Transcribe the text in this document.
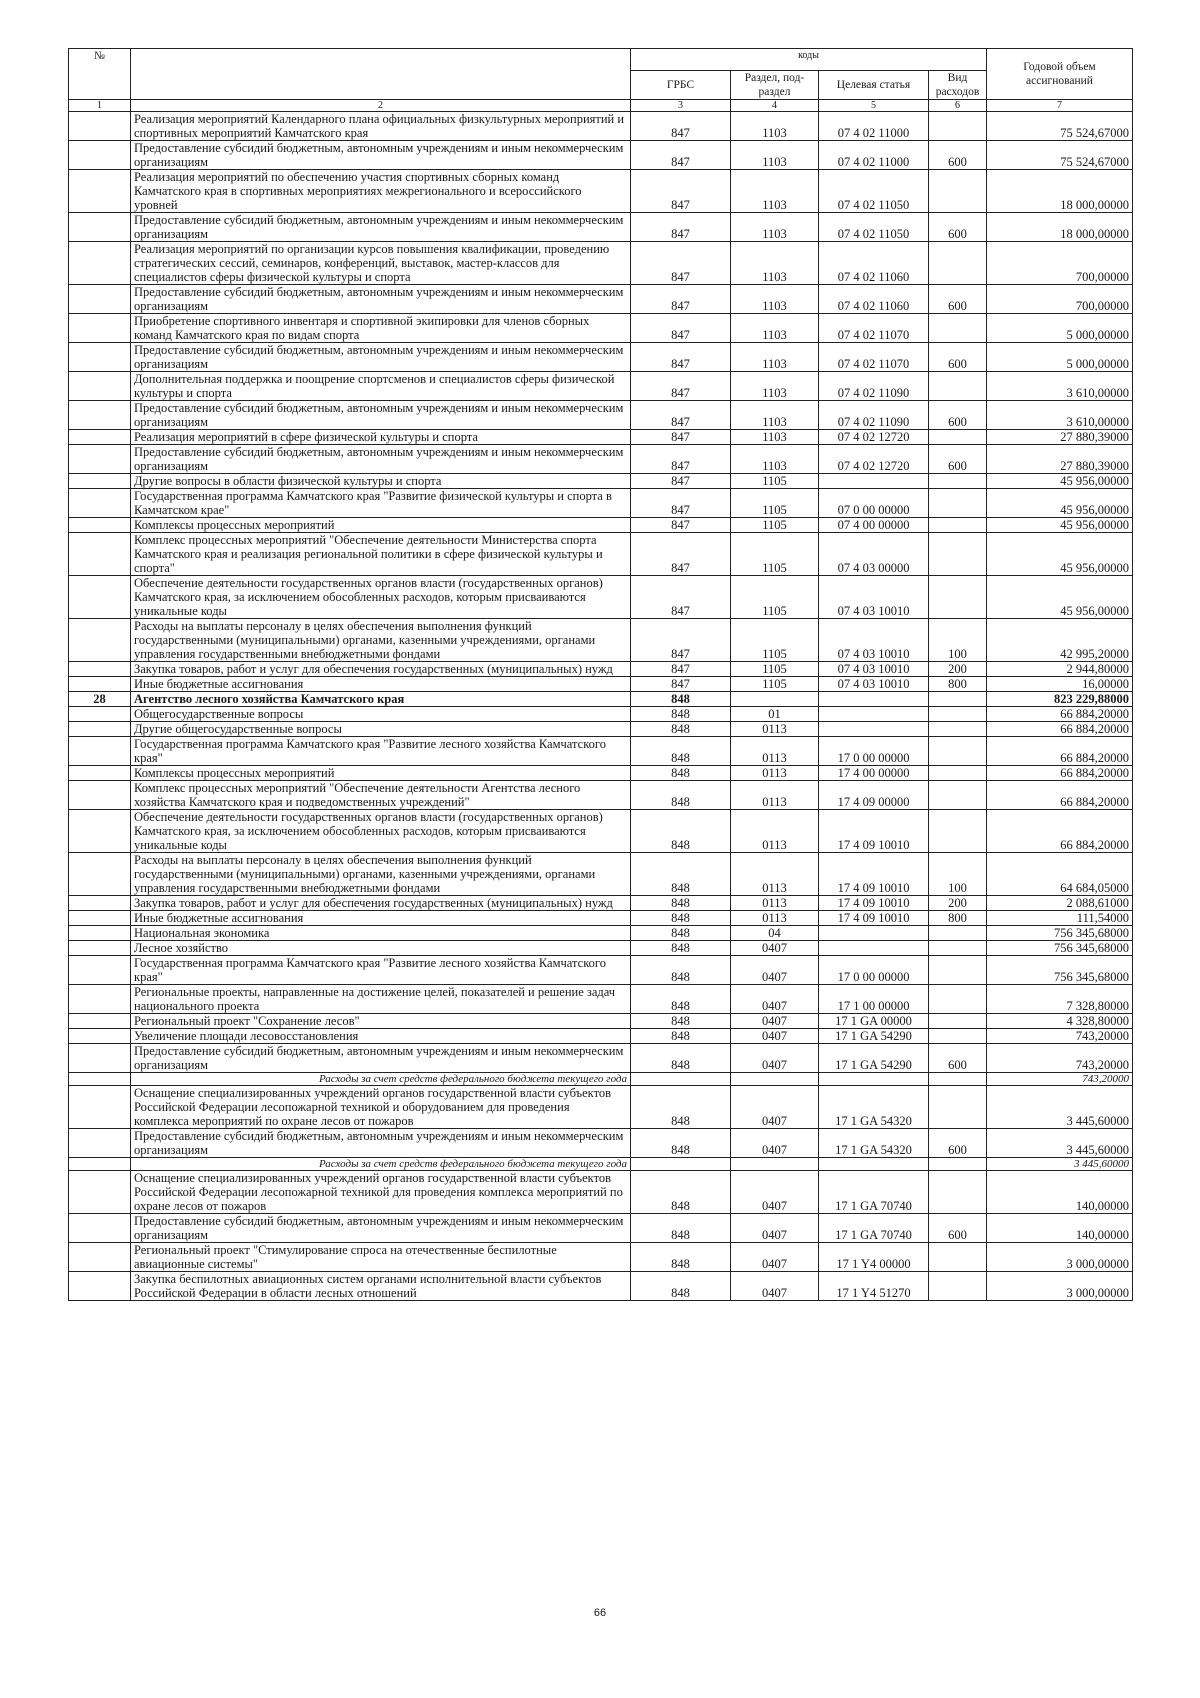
№		коды				Годовой объем ассигнований
		ГРБС	Раздел, под-раздел	Целевая статья	Вид расходов	
1	2	3	4	5	6	7
	Реализация мероприятий Календарного плана официальных физкультурных мероприятий и спортивных мероприятий Камчатского края	847	1103	07 4 02 11000		75 524,67000
	Предоставление субсидий бюджетным, автономным учреждениям и иным некоммерческим организациям	847	1103	07 4 02 11000	600	75 524,67000
	Реализация мероприятий по обеспечению участия спортивных сборных команд Камчатского края в спортивных мероприятиях межрегионального и всероссийского уровней	847	1103	07 4 02 11050		18 000,00000
	Предоставление субсидий бюджетным, автономным учреждениям и иным некоммерческим организациям	847	1103	07 4 02 11050	600	18 000,00000
	Реализация мероприятий по организации курсов повышения квалификации, проведению стратегических сессий, семинаров, конференций, выставок, мастер-классов для специалистов сферы физической культуры и спорта	847	1103	07 4 02 11060		700,00000
	Предоставление субсидий бюджетным, автономным учреждениям и иным некоммерческим организациям	847	1103	07 4 02 11060	600	700,00000
	Приобретение спортивного инвентаря и спортивной экипировки для членов сборных команд Камчатского края по видам спорта	847	1103	07 4 02 11070		5 000,00000
	Предоставление субсидий бюджетным, автономным учреждениям и иным некоммерческим организациям	847	1103	07 4 02 11070	600	5 000,00000
	Дополнительная поддержка и поощрение спортсменов и специалистов сферы физической культуры и спорта	847	1103	07 4 02 11090		3 610,00000
	Предоставление субсидий бюджетным, автономным учреждениям и иным некоммерческим организациям	847	1103	07 4 02 11090	600	3 610,00000
	Реализация мероприятий в сфере физической культуры и спорта	847	1103	07 4 02 12720		27 880,39000
	Предоставление субсидий бюджетным, автономным учреждениям и иным некоммерческим организациям	847	1103	07 4 02 12720	600	27 880,39000
	Другие вопросы в области физической культуры и спорта	847	1105			45 956,00000
	Государственная программа Камчатского края "Развитие физической культуры и спорта в Камчатском крае"	847	1105	07 0 00 00000		45 956,00000
	Комплексы процессных мероприятий	847	1105	07 4 00 00000		45 956,00000
	Комплекс процессных мероприятий "Обеспечение деятельности Министерства спорта Камчатского края и реализация региональной политики в сфере физической культуры и спорта"	847	1105	07 4 03 00000		45 956,00000
	Обеспечение деятельности государственных органов власти (государственных органов) Камчатского края, за исключением обособленных расходов, которым присваиваются уникальные коды	847	1105	07 4 03 10010		45 956,00000
	Расходы на выплаты персоналу в целях обеспечения выполнения функций государственными (муниципальными) органами, казенными учреждениями, органами управления государственными внебюджетными фондами	847	1105	07 4 03 10010	100	42 995,20000
	Закупка товаров, работ и услуг для обеспечения государственных (муниципальных) нужд	847	1105	07 4 03 10010	200	2 944,80000
	Иные бюджетные ассигнования	847	1105	07 4 03 10010	800	16,00000
28	Агентство лесного хозяйства Камчатского края	848				823 229,88000
	Общегосударственные вопросы	848	01			66 884,20000
	Другие общегосударственные вопросы	848	0113			66 884,20000
	Государственная программа Камчатского края "Развитие лесного хозяйства Камчатского края"	848	0113	17 0 00 00000		66 884,20000
	Комплексы процессных мероприятий	848	0113	17 4 00 00000		66 884,20000
	Комплекс процессных мероприятий "Обеспечение деятельности Агентства лесного хозяйства Камчатского края и подведомственных учреждений"	848	0113	17 4 09 00000		66 884,20000
	Обеспечение деятельности государственных органов власти (государственных органов) Камчатского края, за исключением обособленных расходов, которым присваиваются уникальные коды	848	0113	17 4 09 10010		66 884,20000
	Расходы на выплаты персоналу в целях обеспечения выполнения функций государственными (муниципальными) органами, казенными учреждениями, органами управления государственными внебюджетными фондами	848	0113	17 4 09 10010	100	64 684,05000
	Закупка товаров, работ и услуг для обеспечения государственных (муниципальных) нужд	848	0113	17 4 09 10010	200	2 088,61000
	Иные бюджетные ассигнования	848	0113	17 4 09 10010	800	111,54000
	Национальная экономика	848	04			756 345,68000
	Лесное хозяйство	848	0407			756 345,68000
	Государственная программа Камчатского края "Развитие лесного хозяйства Камчатского края"	848	0407	17 0 00 00000		756 345,68000
	Региональные проекты, направленные на достижение целей, показателей и решение задач национального проекта	848	0407	17 1 00 00000		7 328,80000
	Региональный проект "Сохранение лесов"	848	0407	17 1 GA 00000		4 328,80000
	Увеличение площади лесовосстановления	848	0407	17 1 GA 54290		743,20000
	Предоставление субсидий бюджетным, автономным учреждениям и иным некоммерческим организациям	848	0407	17 1 GA 54290	600	743,20000
	Расходы за счет средств федерального бюджета текущего года					743,20000
	Оснащение специализированных учреждений органов государственной власти субъектов Российской Федерации лесопожарной техникой и оборудованием для проведения комплекса мероприятий по охране лесов от пожаров	848	0407	17 1 GA 54320		3 445,60000
	Предоставление субсидий бюджетным, автономным учреждениям и иным некоммерческим организациям	848	0407	17 1 GA 54320	600	3 445,60000
	Расходы за счет средств федерального бюджета текущего года					3 445,60000
	Оснащение специализированных учреждений органов государственной власти субъектов Российской Федерации лесопожарной техникой для проведения комплекса мероприятий по охране лесов от пожаров	848	0407	17 1 GA 70740		140,00000
	Предоставление субсидий бюджетным, автономным учреждениям и иным некоммерческим организациям	848	0407	17 1 GA 70740	600	140,00000
	Региональный проект "Стимулирование спроса на отечественные беспилотные авиационные системы"	848	0407	17 1 Y4 00000		3 000,00000
	Закупка беспилотных авиационных систем органами исполнительной власти субъектов Российской Федерации в области лесных отношений	848	0407	17 1 Y4 51270		3 000,00000
66
